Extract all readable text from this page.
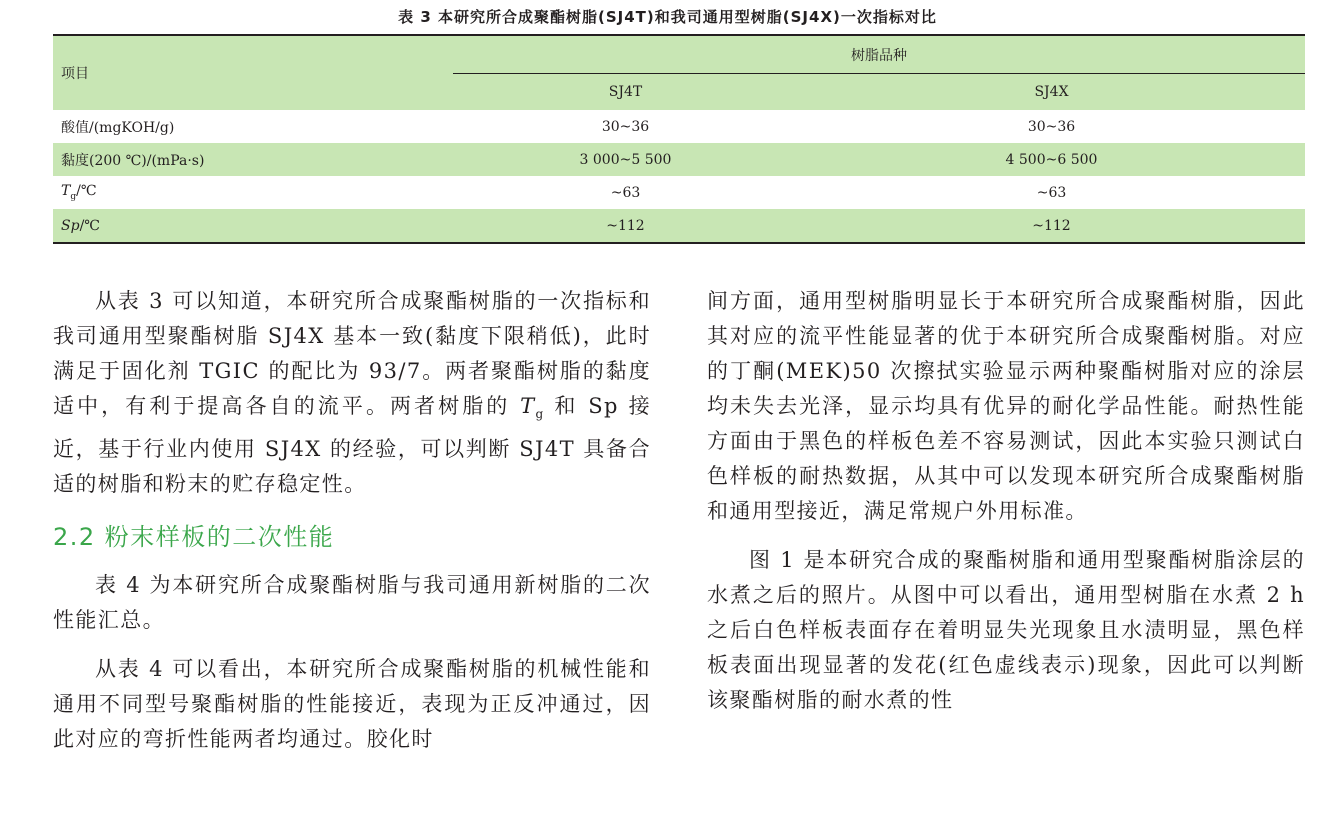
表 3 本研究所合成聚酯树脂(SJ4T)和我司通用型树脂(SJ4X)一次指标对比
项目	树脂品种	
	SJ4T	SJ4X
酸值/(mgKOH/g)	30~36	30~36
黏度(200 ℃)/(mPa·s)	3 000~5 500	4 500~6 500
$T_g/℃$	~63	~63
Sp/℃	~112	~112

从表 3 可以知道，本研究所合成聚酯树脂的一次指标和我司通用型聚酯树脂 SJ4X 基本一致(黏度下限稍低)，此时满足于固化剂 TGIC 的配比为 93/7。两者聚酯树脂的黏度适中，有利于提高各自的流平。两者树脂的 $T_g$ 和 Sp 接近，基于行业内使用 SJ4X 的经验，可以判断 SJ4T 具备合适的树脂和粉末的贮存稳定性。

2.2 粉末样板的二次性能

表 4 为本研究所合成聚酯树脂与我司通用新树脂的二次性能汇总。

从表 4 可以看出，本研究所合成聚酯树脂的机械性能和通用不同型号聚酯树脂的性能接近，表现为正反冲通过，因此对应的弯折性能两者均通过。胶化时

间方面，通用型树脂明显长于本研究所合成聚酯树脂，因此其对应的流平性能显著的优于本研究所合成聚酯树脂。对应的丁酮(MEK)50 次擦拭实验显示两种聚酯树脂对应的涂层均未失去光泽，显示均具有优异的耐化学品性能。耐热性能方面由于黑色的样板色差不容易测试，因此本实验只测试白色样板的耐热数据，从其中可以发现本研究所合成聚酯树脂和通用型接近，满足常规户外用标准。

图 1 是本研究合成的聚酯树脂和通用型聚酯树脂涂层的水煮之后的照片。从图中可以看出，通用型树脂在水煮 2 h 之后白色样板表面存在着明显失光现象且水渍明显，黑色样板表面出现显著的发花(红色虚线表示)现象，因此可以判断该聚酯树脂的耐水煮的性
